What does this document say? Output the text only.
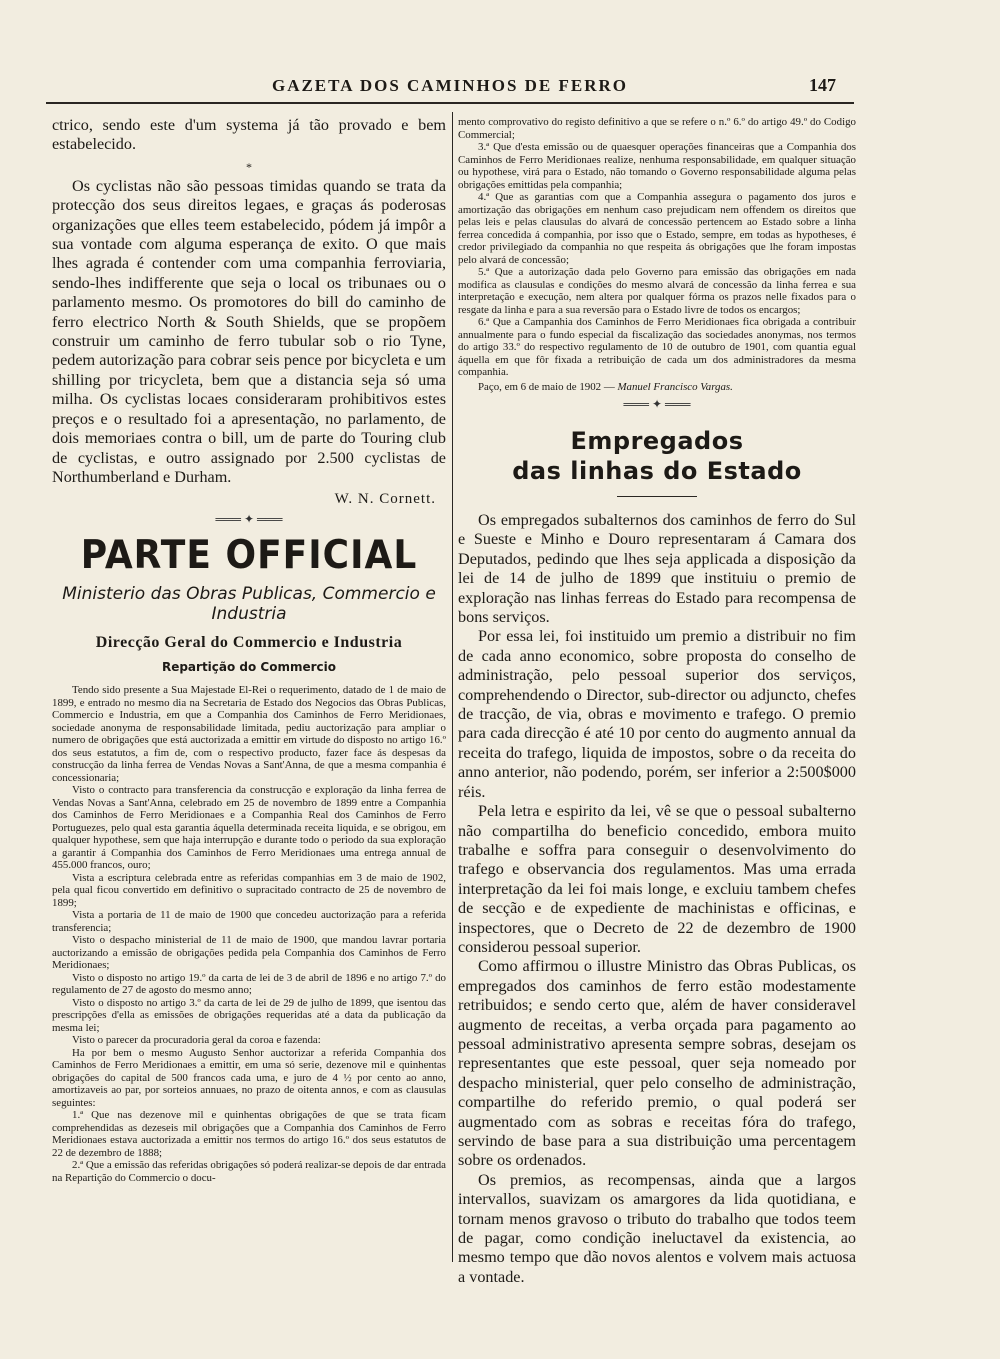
GAZETA DOS CAMINHOS DE FERRO	147

ctrico, sendo este d'um systema já tão provado e bem estabelecido.

*

Os cyclistas não são pessoas timidas quando se trata da protecção dos seus direitos legaes, e graças ás poderosas organizações que elles teem estabelecido, pódem já impôr a sua vontade com alguma esperança de exito. O que mais lhes agrada é contender com uma companhia ferroviaria, sendo-lhes indifferente que seja o local os tribunaes ou o parlamento mesmo. Os promotores do bill do caminho de ferro electrico North & South Shields, que se propõem construir um caminho de ferro tubular sob o rio Tyne, pedem autorização para cobrar seis pence por bicycleta e um shilling por tricycleta, bem que a distancia seja só uma milha. Os cyclistas locaes consideraram prohibitivos estes preços e o resultado foi a apresentação, no parlamento, de dois memoriaes contra o bill, um de parte do Touring club de cyclistas, e outro assignado por 2.500 cyclistas de Northumberland e Durham.

W. N. Cornett.
═══ ✦ ═══
PARTE OFFICIAL
Ministerio das Obras Publicas, Commercio e Industria
Direcção Geral do Commercio e Industria
Repartição do Commercio

Tendo sido presente a Sua Majestade El-Rei o requerimento, datado de 1 de maio de 1899, e entrado no mesmo dia na Secretaria de Estado dos Negocios das Obras Publicas, Commercio e Industria, em que a Companhia dos Caminhos de Ferro Meridionaes, sociedade anonyma de responsabilidade limitada, pediu auctorização para ampliar o numero de obrigações que está auctorizada a emittir em virtude do disposto no artigo 16.º dos seus estatutos, a fim de, com o respectivo producto, fazer face ás despesas da construcção da linha ferrea de Vendas Novas a Sant'Anna, de que a mesma companhia é concessionaria;

Visto o contracto para transferencia da construcção e exploração da linha ferrea de Vendas Novas a Sant'Anna, celebrado em 25 de novembro de 1899 entre a Companhia dos Caminhos de Ferro Meridionaes e a Companhia Real dos Caminhos de Ferro Portuguezes, pelo qual esta garantia áquella determinada receita liquida, e se obrigou, em qualquer hypothese, sem que haja interrupção e durante todo o periodo da sua exploração a garantir á Companhia dos Caminhos de Ferro Meridionaes uma entrega annual de 455.000 francos, ouro;

Vista a escriptura celebrada entre as referidas companhias em 3 de maio de 1902, pela qual ficou convertido em definitivo o supracitado contracto de 25 de novembro de 1899;

Vista a portaria de 11 de maio de 1900 que concedeu auctorização para a referida transferencia;

Visto o despacho ministerial de 11 de maio de 1900, que mandou lavrar portaria auctorizando a emissão de obrigações pedida pela Companhia dos Caminhos de Ferro Meridionaes;

Visto o disposto no artigo 19.º da carta de lei de 3 de abril de 1896 e no artigo 7.º do regulamento de 27 de agosto do mesmo anno;

Visto o disposto no artigo 3.º da carta de lei de 29 de julho de 1899, que isentou das prescripções d'ella as emissões de obrigações requeridas até a data da publicação da mesma lei;

Visto o parecer da procuradoria geral da coroa e fazenda:

Ha por bem o mesmo Augusto Senhor auctorizar a referida Companhia dos Caminhos de Ferro Meridionaes a emittir, em uma só serie, dezenove mil e quinhentas obrigações do capital de 500 francos cada uma, e juro de 4 ½ por cento ao anno, amortizaveis ao par, por sorteios annuaes, no prazo de oitenta annos, e com as clausulas seguintes:

1.ª Que nas dezenove mil e quinhentas obrigações de que se trata ficam comprehendidas as dezeseis mil obrigações que a Companhia dos Caminhos de Ferro Meridionaes estava auctorizada a emittir nos termos do artigo 16.º dos seus estatutos de 22 de dezembro de 1888;

2.ª Que a emissão das referidas obrigações só poderá realizar-se depois de dar entrada na Repartição do Commercio o docu-

mento comprovativo do registo definitivo a que se refere o n.º 6.º do artigo 49.º do Codigo Commercial;

3.ª Que d'esta emissão ou de quaesquer operações financeiras que a Companhia dos Caminhos de Ferro Meridionaes realize, nenhuma responsabilidade, em qualquer situação ou hypothese, virá para o Estado, não tomando o Governo responsabilidade alguma pelas obrigações emittidas pela companhia;

4.ª Que as garantias com que a Companhia assegura o pagamento dos juros e amortização das obrigações em nenhum caso prejudicam nem offendem os direitos que pelas leis e pelas clausulas do alvará de concessão pertencem ao Estado sobre a linha ferrea concedida á companhia, por isso que o Estado, sempre, em todas as hypotheses, é credor privilegiado da companhia no que respeita ás obrigações que lhe foram impostas pelo alvará de concessão;

5.ª Que a autorização dada pelo Governo para emissão das obrigações em nada modifica as clausulas e condições do mesmo alvará de concessão da linha ferrea e sua interpretação e execução, nem altera por qualquer fórma os prazos nelle fixados para o resgate da linha e para a sua reversão para o Estado livre de todos os encargos;

6.ª Que a Campanhia dos Caminhos de Ferro Meridionaes fica obrigada a contribuir annualmente para o fundo especial da fiscalização das sociedades anonymas, nos termos do artigo 33.º do respectivo regulamento de 10 de outubro de 1901, com quantia egual áquella em que fôr fixada a retribuição de cada um dos administradores da mesma companhia.

Paço, em 6 de maio de 1902 — Manuel Francisco Vargas.

═══ ✦ ═══
Empregados
das linhas do Estado

Os empregados subalternos dos caminhos de ferro do Sul e Sueste e Minho e Douro representaram á Camara dos Deputados, pedindo que lhes seja applicada a disposição da lei de 14 de julho de 1899 que instituiu o premio de exploração nas linhas ferreas do Estado para recompensa de bons serviços.

Por essa lei, foi instituido um premio a distribuir no fim de cada anno economico, sobre proposta do conselho de administração, pelo pessoal superior dos serviços, comprehendendo o Director, sub-director ou adjuncto, chefes de tracção, de via, obras e movimento e trafego. O premio para cada direcção é até 10 por cento do augmento annual da receita do trafego, liquida de impostos, sobre o da receita do anno anterior, não podendo, porém, ser inferior a 2:500$000 réis.

Pela letra e espirito da lei, vê se que o pessoal subalterno não compartilha do beneficio concedido, embora muito trabalhe e soffra para conseguir o desenvolvimento do trafego e observancia dos regulamentos. Mas uma errada interpretação da lei foi mais longe, e excluiu tambem chefes de secção e de expediente de machinistas e officinas, e inspectores, que o Decreto de 22 de dezembro de 1900 considerou pessoal superior.

Como affirmou o illustre Ministro das Obras Publicas, os empregados dos caminhos de ferro estão modestamente retribuidos; e sendo certo que, além de haver consideravel augmento de receitas, a verba orçada para pagamento ao pessoal administrativo apresenta sempre sobras, desejam os representantes que este pessoal, quer seja nomeado por despacho ministerial, quer pelo conselho de administração, compartilhe do referido premio, o qual poderá ser augmentado com as sobras e receitas fóra do trafego, servindo de base para a sua distribuição uma percentagem sobre os ordenados.

Os premios, as recompensas, ainda que a largos intervallos, suavizam os amargores da lida quotidiana, e tornam menos gravoso o tributo do trabalho que todos teem de pagar, como condição ineluctavel da existencia, ao mesmo tempo que dão novos alentos e volvem mais actuosa a vontade.
